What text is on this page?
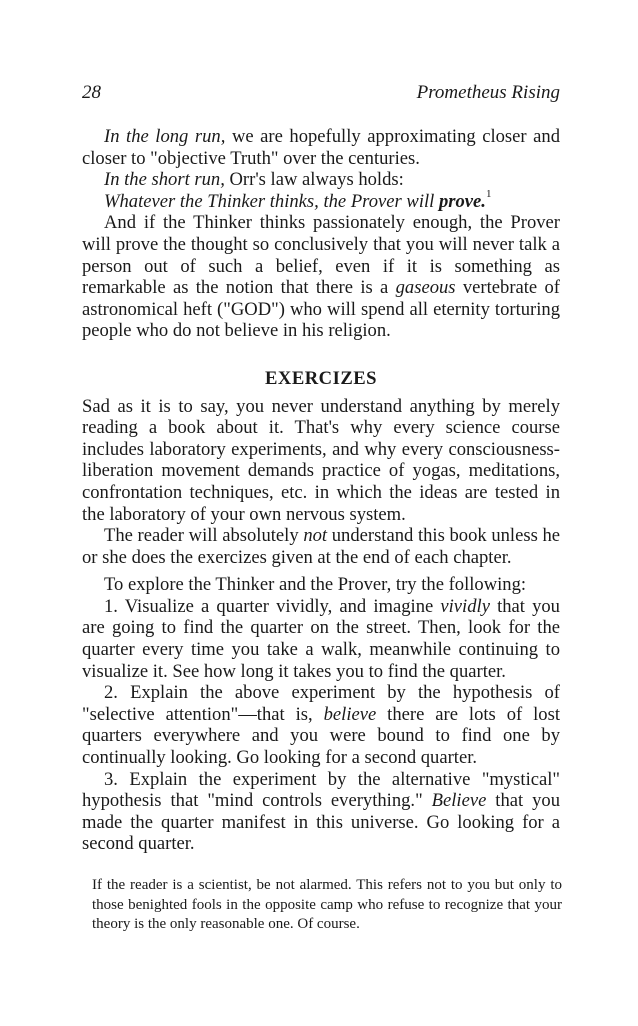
28	Prometheus Rising

In the long run, we are hopefully approximating closer and closer to "objective Truth" over the centuries.

In the short run, Orr's law always holds:

Whatever the Thinker thinks, the Prover will prove.$^1$

And if the Thinker thinks passionately enough, the Prover will prove the thought so conclusively that you will never talk a person out of such a belief, even if it is something as remarkable as the notion that there is a gaseous vertebrate of astronomical heft ("GOD") who will spend all eternity torturing people who do not believe in his religion.

EXERCIZES

Sad as it is to say, you never understand anything by merely reading a book about it. That's why every science course includes laboratory experiments, and why every consciousness-liberation movement demands practice of yogas, meditations, confrontation techniques, etc. in which the ideas are tested in the laboratory of your own nervous system.

The reader will absolutely not understand this book unless he or she does the exercizes given at the end of each chapter.

To explore the Thinker and the Prover, try the following:

1. Visualize a quarter vividly, and imagine vividly that you are going to find the quarter on the street. Then, look for the quarter every time you take a walk, meanwhile continuing to visualize it. See how long it takes you to find the quarter.

2. Explain the above experiment by the hypothesis of "selective attention"—that is, believe there are lots of lost quarters everywhere and you were bound to find one by continually looking. Go looking for a second quarter.

3. Explain the experiment by the alternative "mystical" hypothesis that "mind controls everything." Believe that you made the quarter manifest in this universe. Go looking for a second quarter.

If the reader is a scientist, be not alarmed. This refers not to you but only to those benighted fools in the opposite camp who refuse to recognize that your theory is the only reasonable one. Of course.
